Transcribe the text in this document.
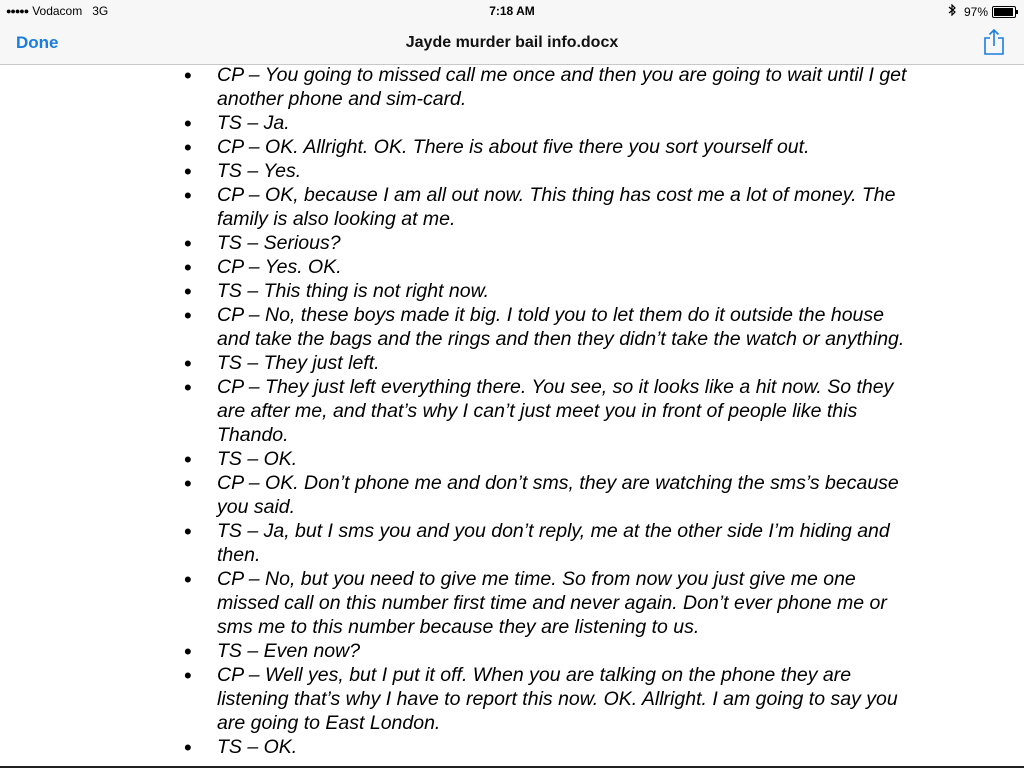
●●●●● Vodacom 3G	7:18 AM	97%
Done	Jayde murder bail info.docx
• CP – You going to missed call me once and then you are going to wait until I get another phone and sim-card.
• TS – Ja.
• CP – OK. Allright. OK. There is about five there you sort yourself out.
• TS – Yes.
• CP – OK, because I am all out now. This thing has cost me a lot of money. The family is also looking at me.
• TS – Serious?
• CP – Yes. OK.
• TS – This thing is not right now.
• CP – No, these boys made it big. I told you to let them do it outside the house and take the bags and the rings and then they didn’t take the watch or anything.
• TS – They just left.
• CP – They just left everything there. You see, so it looks like a hit now. So they are after me, and that’s why I can’t just meet you in front of people like this Thando.
• TS – OK.
• CP – OK. Don’t phone me and don’t sms, they are watching the sms’s because you said.
• TS – Ja, but I sms you and you don’t reply, me at the other side I’m hiding and then.
• CP – No, but you need to give me time. So from now you just give me one missed call on this number first time and never again. Don’t ever phone me or sms me to this number because they are listening to us.
• TS – Even now?
• CP – Well yes, but I put it off. When you are talking on the phone they are listening that’s why I have to report this now. OK. Allright. I am going to say you are going to East London.
• TS – OK.
